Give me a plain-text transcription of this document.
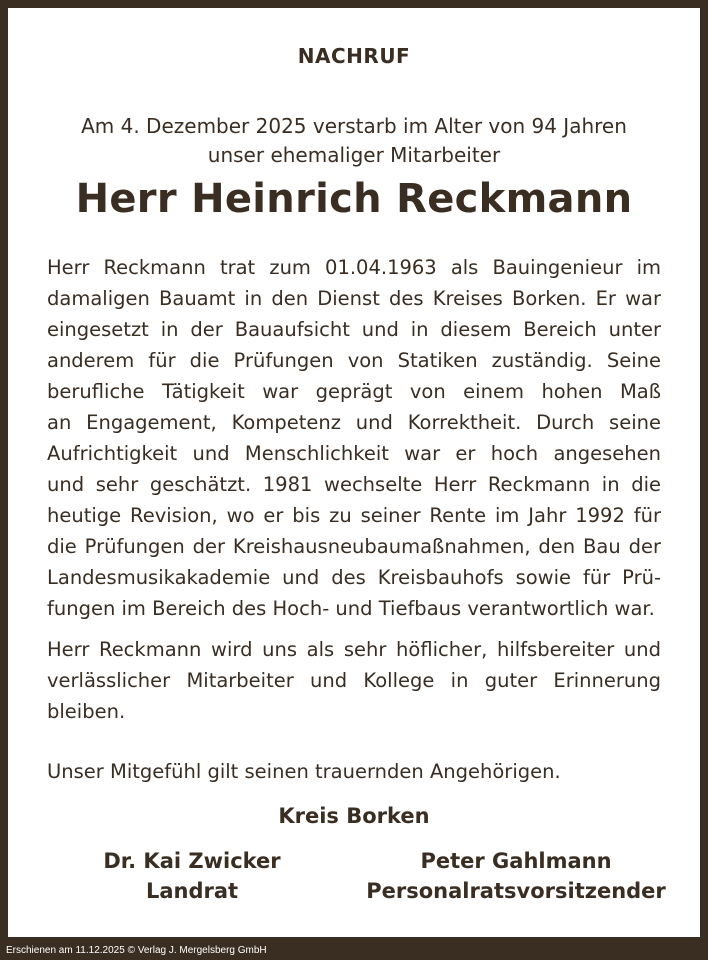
NACHRUF
Am 4. Dezember 2025 verstarb im Alter von 94 Jahren
unser ehemaliger Mitarbeiter
Herr Heinrich Reckmann
Herr Reckmann trat zum 01.04.1963 als Bauingenieur im
damaligen Bauamt in den Dienst des Kreises Borken. Er war
eingesetzt in der Bauaufsicht und in diesem Bereich unter
anderem für die Prüfungen von Statiken zuständig. Seine
berufliche Tätigkeit war geprägt von einem hohen Maß
an Engagement, Kompetenz und Korrektheit. Durch seine
Aufrichtigkeit und Menschlichkeit war er hoch angesehen
und sehr geschätzt. 1981 wechselte Herr Reckmann in die
heutige Revision, wo er bis zu seiner Rente im Jahr 1992 für
die Prüfungen der Kreishausneubaumaßnahmen, den Bau der
Landesmusikakademie und des Kreisbauhofs sowie für Prü-
fungen im Bereich des Hoch- und Tiefbaus verantwortlich war.
Herr Reckmann wird uns als sehr höflicher, hilfsbereiter und
verlässlicher Mitarbeiter und Kollege in guter Erinnerung
bleiben.
Unser Mitgefühl gilt seinen trauernden Angehörigen.
Kreis Borken
Dr. Kai Zwicker
Landrat
Peter Gahlmann
Personalratsvorsitzender
Erschienen am 11.12.2025 © Verlag J. Mergelsberg GmbH
